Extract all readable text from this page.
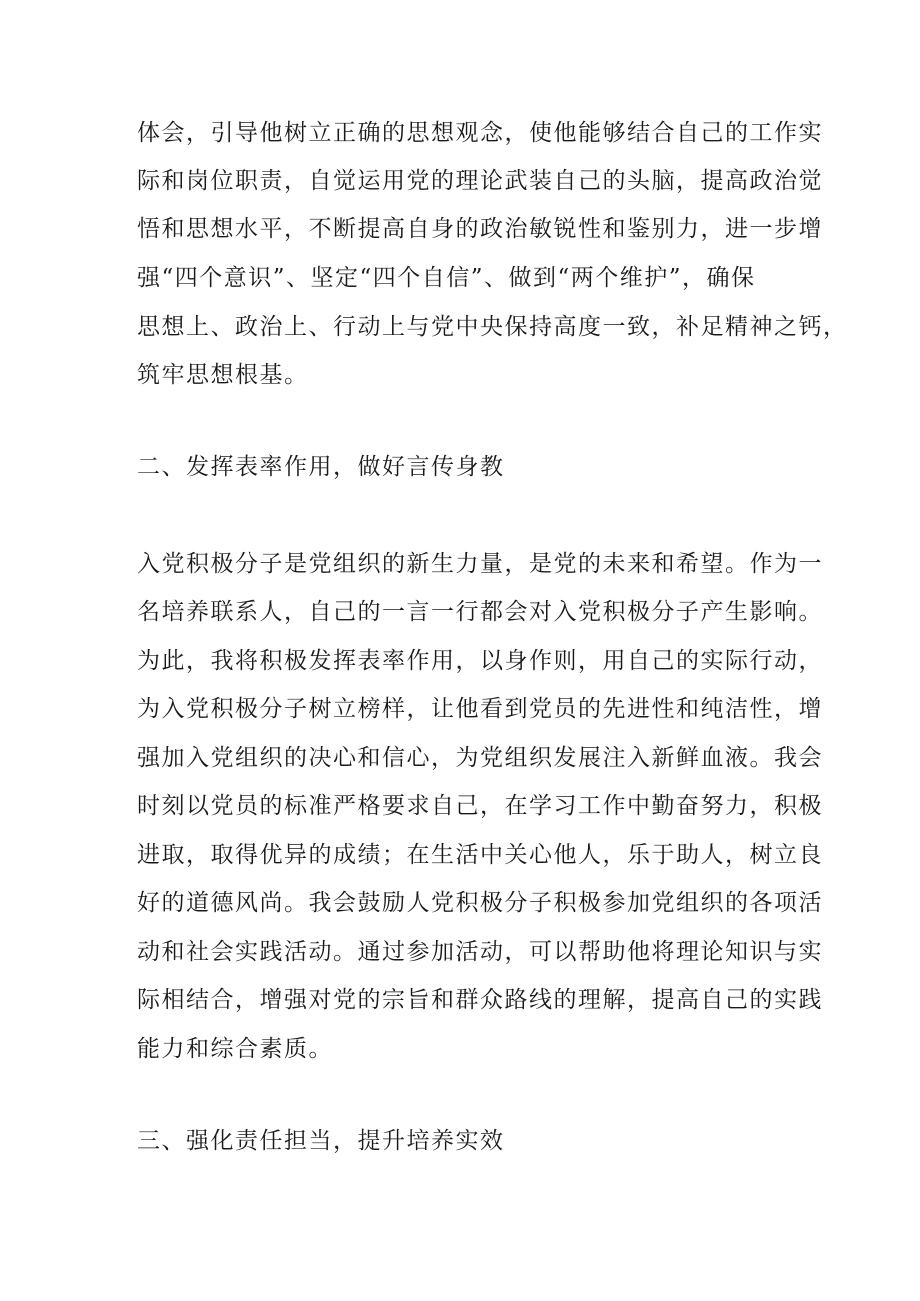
体会，引导他树立正确的思想观念，使他能够结合自己的工作实
际和岗位职责，自觉运用党的理论武装自己的头脑，提高政治觉
悟和思想水平，不断提高自身的政治敏锐性和鉴别力，进一步增
强“四个意识”、坚定“四个自信”、做到“两个维护”，确保
思想上、政治上、行动上与党中央保持高度一致，补足精神之钙，
筑牢思想根基。
二、发挥表率作用，做好言传身教
入党积极分子是党组织的新生力量，是党的未来和希望。作为一
名培养联系人，自己的一言一行都会对入党积极分子产生影响。
为此，我将积极发挥表率作用，以身作则，用自己的实际行动，
为入党积极分子树立榜样，让他看到党员的先进性和纯洁性，增
强加入党组织的决心和信心，为党组织发展注入新鲜血液。我会
时刻以党员的标准严格要求自己，在学习工作中勤奋努力，积极
进取，取得优异的成绩；在生活中关心他人，乐于助人，树立良
好的道德风尚。我会鼓励人党积极分子积极参加党组织的各项活
动和社会实践活动。通过参加活动，可以帮助他将理论知识与实
际相结合，增强对党的宗旨和群众路线的理解，提高自己的实践
能力和综合素质。
三、强化责任担当，提升培养实效
